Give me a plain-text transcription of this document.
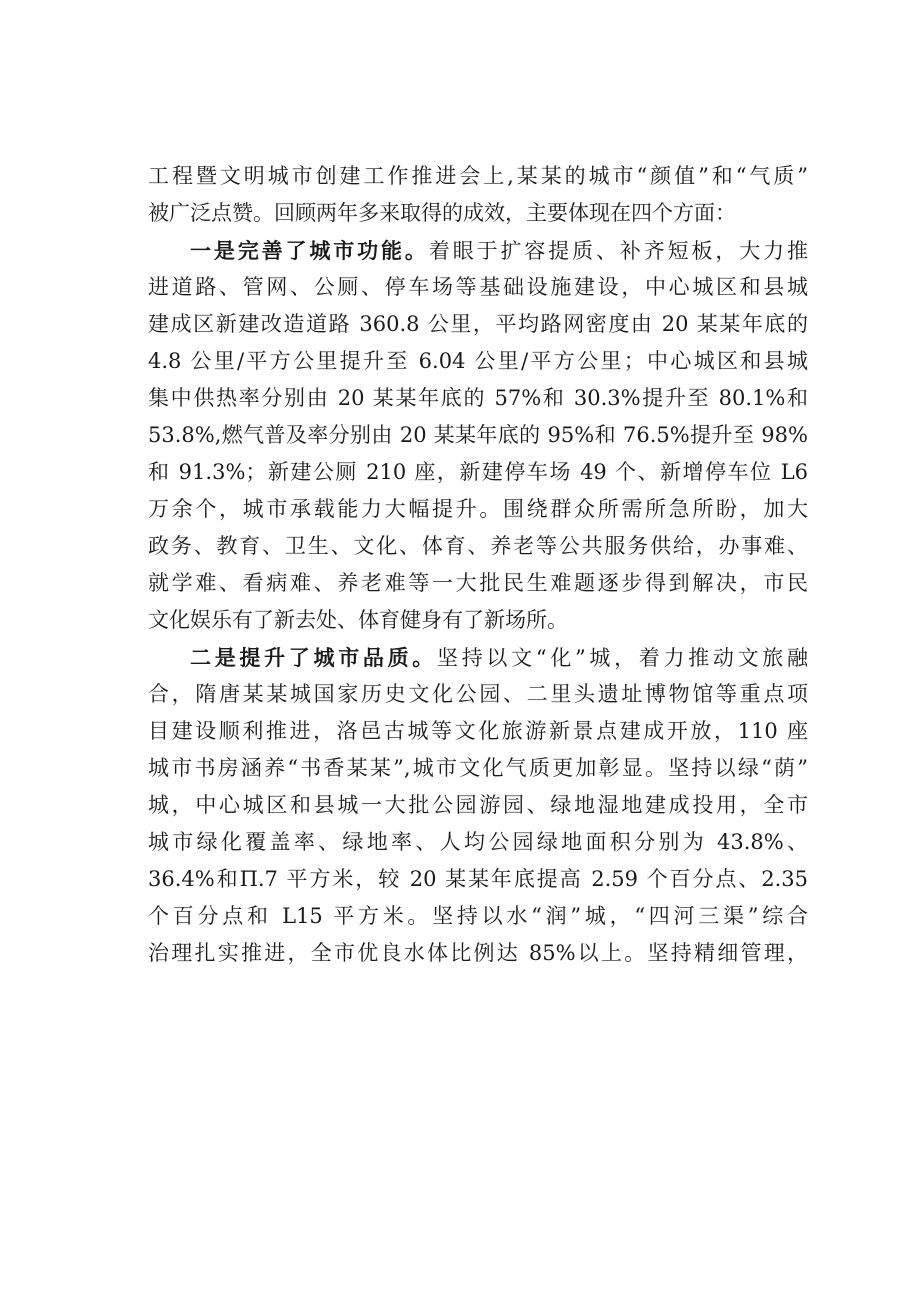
工程暨文明城市创建工作推进会上,某某的城市“颜值”和“气质”
被广泛点赞。回顾两年多来取得的成效，主要体现在四个方面：
一是完善了城市功能。着眼于扩容提质、补齐短板，大力推
进道路、管网、公厕、停车场等基础设施建设，中心城区和县城
建成区新建改造道路 360.8 公里，平均路网密度由 20 某某年底的
4.8 公里/平方公里提升至 6.04 公里/平方公里；中心城区和县城
集中供热率分别由 20 某某年底的 57%和 30.3%提升至 80.1%和
53.8%,燃气普及率分别由 20 某某年底的 95%和 76.5%提升至 98%
和 91.3%；新建公厕 210 座，新建停车场 49 个、新增停车位 L6
万余个，城市承载能力大幅提升。围绕群众所需所急所盼，加大
政务、教育、卫生、文化、体育、养老等公共服务供给，办事难、
就学难、看病难、养老难等一大批民生难题逐步得到解决，市民
文化娱乐有了新去处、体育健身有了新场所。
二是提升了城市品质。坚持以文“化”城，着力推动文旅融
合，隋唐某某城国家历史文化公园、二里头遗址博物馆等重点项
目建设顺利推进，洛邑古城等文化旅游新景点建成开放，110 座
城市书房涵养“书香某某”,城市文化气质更加彰显。坚持以绿“荫”
城，中心城区和县城一大批公园游园、绿地湿地建成投用，全市
城市绿化覆盖率、绿地率、人均公园绿地面积分别为 43.8%、
36.4%和Π.7 平方米，较 20 某某年底提高 2.59 个百分点、2.35
个百分点和 L15 平方米。坚持以水“润”城，“四河三渠”综合
治理扎实推进，全市优良水体比例达 85%以上。坚持精细管理，
